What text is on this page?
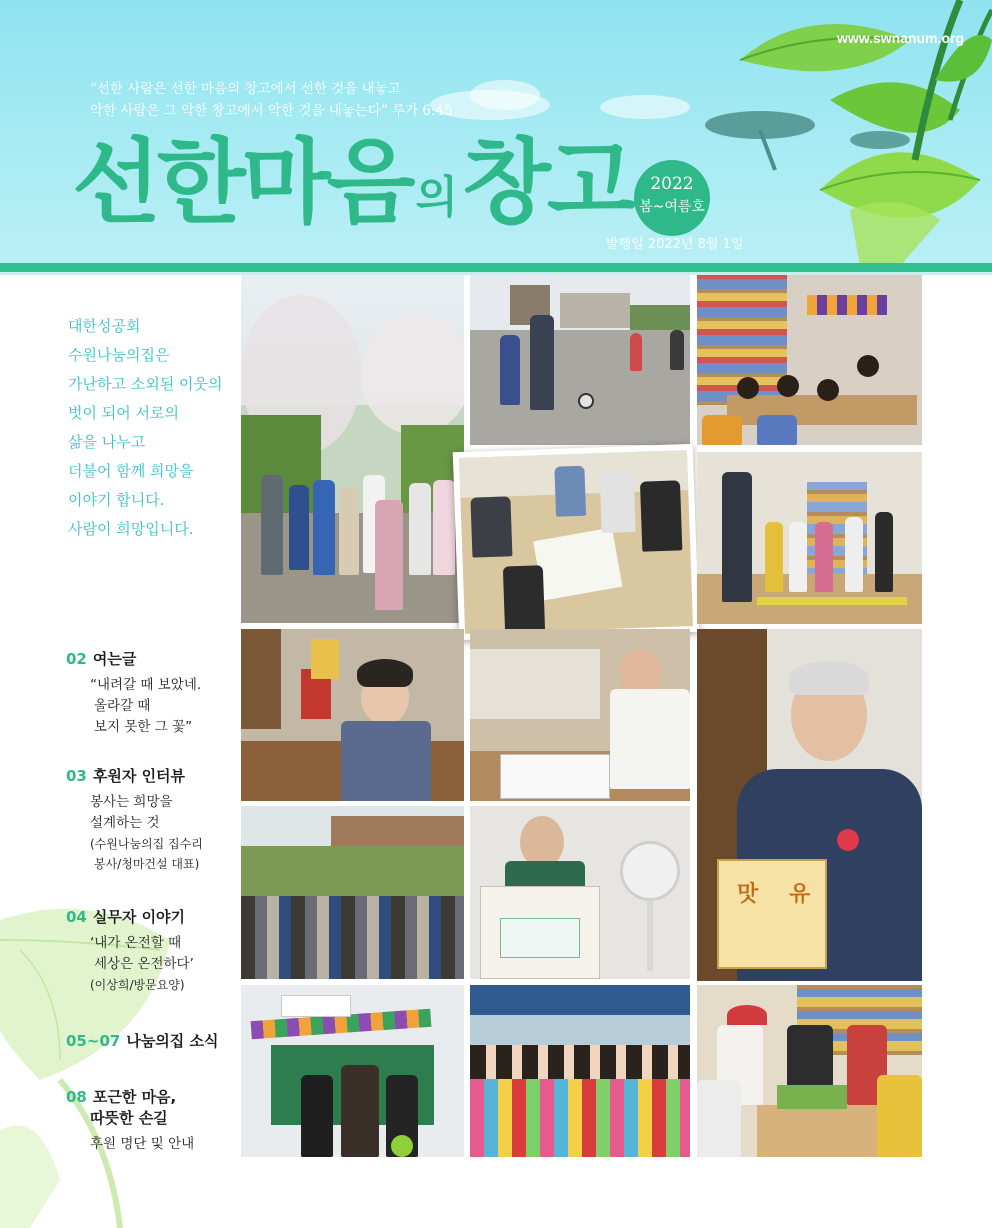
“선한 사람은 선한 마음의 창고에서 선한 것을 내놓고
악한 사람은 그 악한 창고에서 악한 것을 내놓는다” 루가 6:45
선한마음의창고	2022
봄~여름호
발행일 2022년 8월 1일
www.swnanum.org
대한성공회
수원나눔의집은
가난하고 소외된 이웃의
벗이 되어 서로의
삶을 나누고
더불어 함께 희망을
이야기 합니다.
사람이 희망입니다.
02 여는글
“내려갈 때 보았네.
올라갈 때
보지 못한 그 꽃”
03 후원자 인터뷰
봉사는 희망을
설계하는 것
(수원나눔의집 집수리
봉사/청마건설 대표)
04 실무자 이야기
‘내가 온전할 때
세상은 온전하다’
(이상희/방문요양)
05~07 나눔의집 소식
08 포근한 마음,
따뜻한 손길
후원 명단 및 안내
맛 유
